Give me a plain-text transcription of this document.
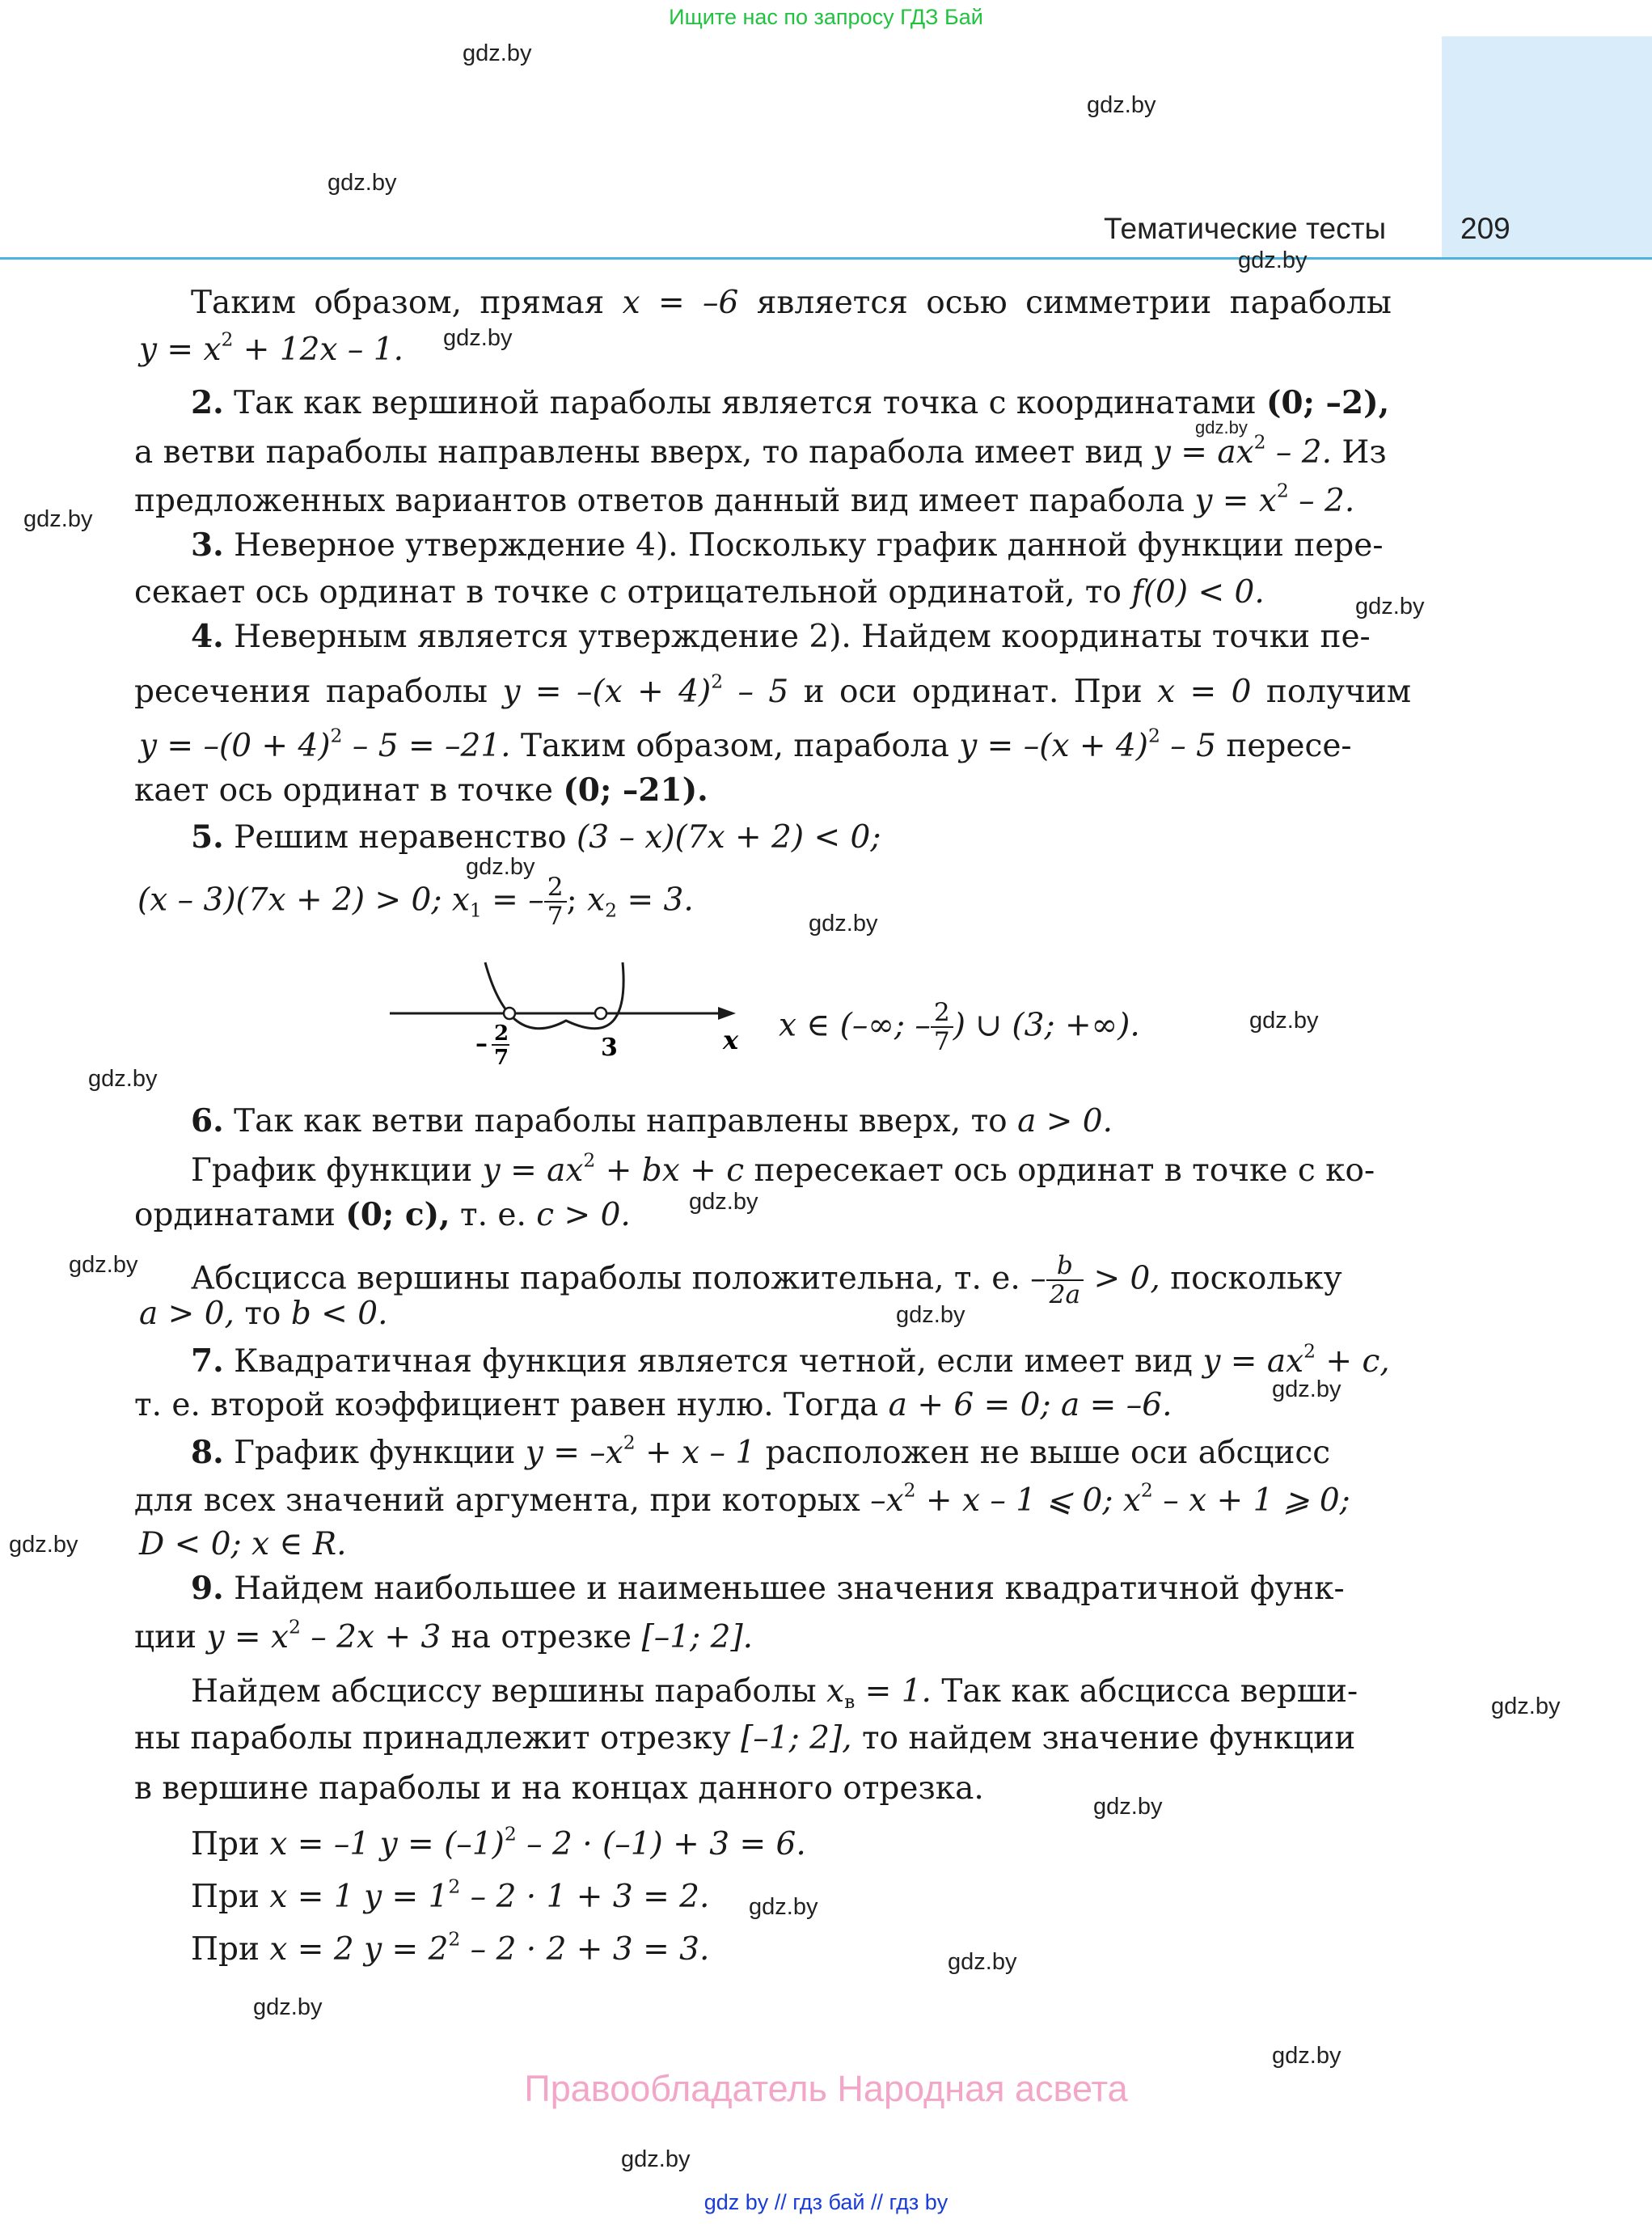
Ищите нас по запросу ГДЗ Бай
Тематические тесты 209
gdz.by
gdz.by
gdz.by
gdz.by
gdz.by
gdz.by
gdz.by
gdz.by
gdz.by
gdz.by
gdz.by
gdz.by
gdz.by
gdz.by
gdz.by
gdz.by
gdz.by
gdz.by
gdz.by
gdz.by
gdz.by
gdz.by
gdz.by
gdz.by
Таким образом, прямая x = –6 является осью симметрии параболы
$y = x^2 + 12x - 1$.
2. Так как вершиной параболы является точка с координатами (0; –2),
а ветви параболы направлены вверх, то парабола имеет вид $y = ax^2 - 2$. Из
предложенных вариантов ответов данный вид имеет парабола $y = x^2 - 2$.
3. Неверное утверждение 4). Поскольку график данной функции пере-
секает ось ординат в точке с отрицательной ординатой, то f(0) < 0.
4. Неверным является утверждение 2). Найдем координаты точки пе-
ресечения параболы $y = -(x + 4)^2 - 5$ и оси ординат. При x = 0 получим
$y = -(0 + 4)^2 - 5 = -21$. Таким образом, парабола $y = -(x + 4)^2 - 5$ пересе-
кает ось ординат в точке (0; –21).
5. Решим неравенство (3 – x)(7x + 2) < 0;
(x – 3)(7x + 2) > 0; $x_1$ = – $\frac{2}{7}$ ; $x_2 = 3$.
– 2
7	3	x x ∈ (–∞; – $\frac{2}{7}$ ) ∪ (3; +∞).
6. Так как ветви параболы направлены вверх, то a > 0.
График функции $y = ax^2$ + bx + c пересекает ось ординат в точке с ко-
ординатами (0; c), т. е. c > 0.
Абсцисса вершины параболы положительна, т. е. – $\frac{b}{2a} > 0$, поскольку
a > 0, то b < 0.
7. Квадратичная функция является четной, если имеет вид $y = ax^2 + c$,
т. е. второй коэффициент равен нулю. Тогда a + 6 = 0; a = –6.
8. График функции $y = -x^2 + x - 1$ расположен не выше оси абсцисс
для всех значений аргумента, при которых $-x^2 + x - 1$ ⩽ 0; $x^2 - x + 1$ ⩾ 0;
D < 0; x ∈ R.
9. Найдем наибольшее и наименьшее значения квадратичной функ-
ции $y = x^2 - 2x + 3$ на отрезке [–1; 2].
Найдем абсциссу вершины параболы $x_в = 1$. Так как абсцисса верши-
ны параболы принадлежит отрезку [–1; 2], то найдем значение функции
в вершине параболы и на концах данного отрезка.
При x = –1 $y = (-1)^2 - 2 \cdot (-1) + 3 = 6$.
При x = 1 $y = 1^2 - 2 \cdot 1 + 3 = 2$.
При x = 2 $y = 2^2 - 2 \cdot 2 + 3 = 3$.
Правообладатель Народная асвета
gdz by // гдз бай // гдз by
